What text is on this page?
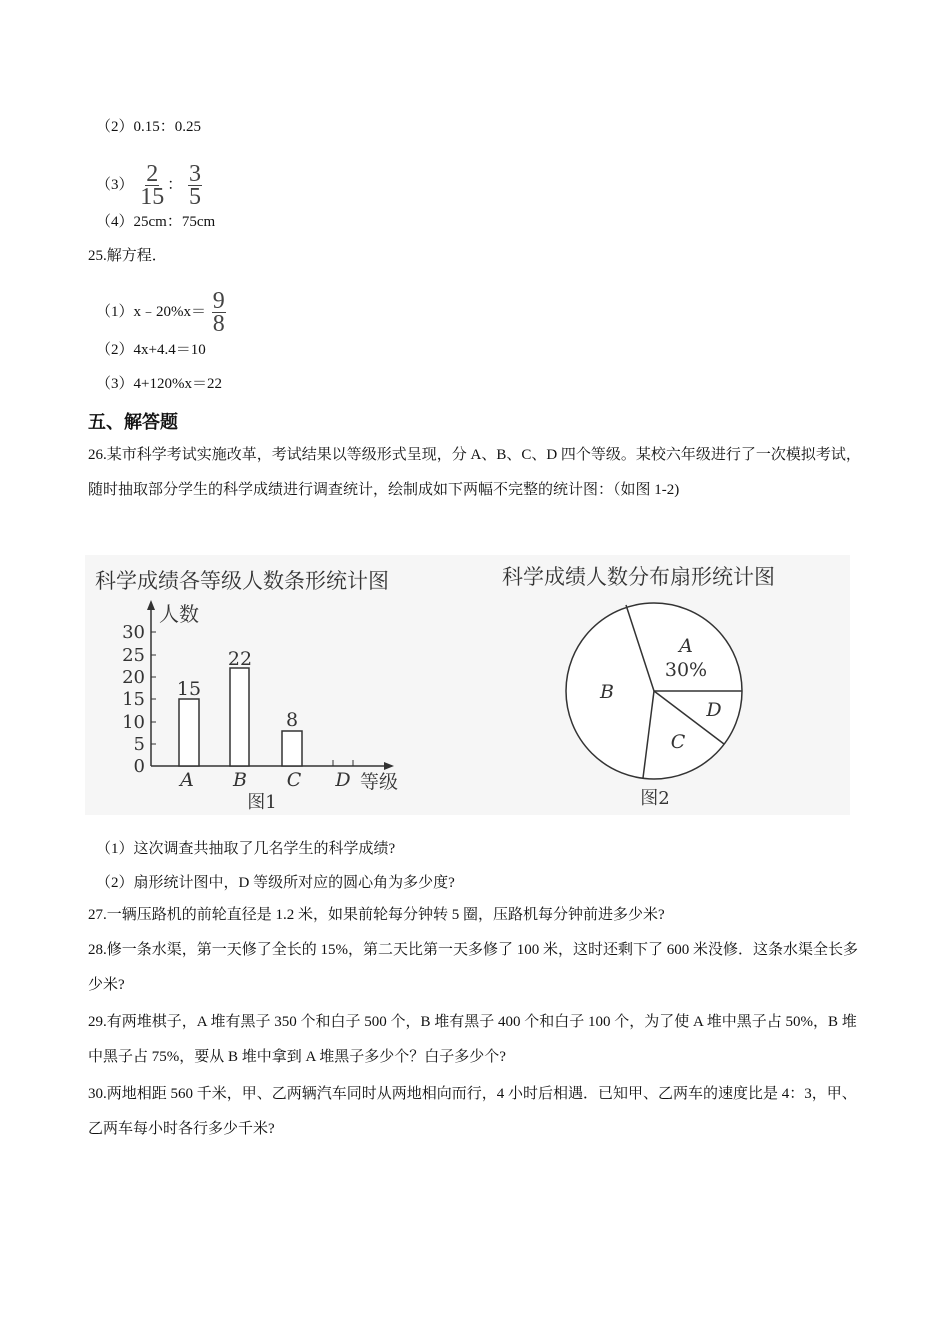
（2）0.15：0.25
$(3) \frac{2}{15}$ ： $\frac{3}{5}$
（4）25cm：75cm
25.解方程．
（1）x﹣20%x＝ $\frac{9}{8}$
（2）4x+4.4＝10
（3）4+120%x＝22
五、解答题
26.某市科学考试实施改革，考试结果以等级形式呈现，分 A、B、C、D 四个等级。某校六年级进行了一次模拟考试，随时抽取部分学生的科学成绩进行调查统计，绘制成如下两幅不完整的统计图：（如图 1-2)
科学成绩各等级人数条形统计图
人数
0
5
10
15
20
25
30
15
22
8
A B C D 等级
图1
科学成绩人数分布扇形统计图
A
B
C
D
30%
图2
（1）这次调查共抽取了几名学生的科学成绩?
（2）扇形统计图中，D 等级所对应的圆心角为多少度?
27.一辆压路机的前轮直径是 1.2 米，如果前轮每分钟转 5 圈，压路机每分钟前进多少米?
28.修一条水渠，第一天修了全长的 15%，第二天比第一天多修了 100 米，这时还剩下了 600 米没修．这条水渠全长多少米?
29.有两堆棋子，A 堆有黑子 350 个和白子 500 个，B 堆有黑子 400 个和白子 100 个，为了使 A 堆中黑子占 50%，B 堆中黑子占 75%，要从 B 堆中拿到 A 堆黑子多少个？白子多少个?
30.两地相距 560 千米，甲、乙两辆汽车同时从两地相向而行，4 小时后相遇．已知甲、乙两车的速度比是 4：3，甲、乙两车每小时各行多少千米?
